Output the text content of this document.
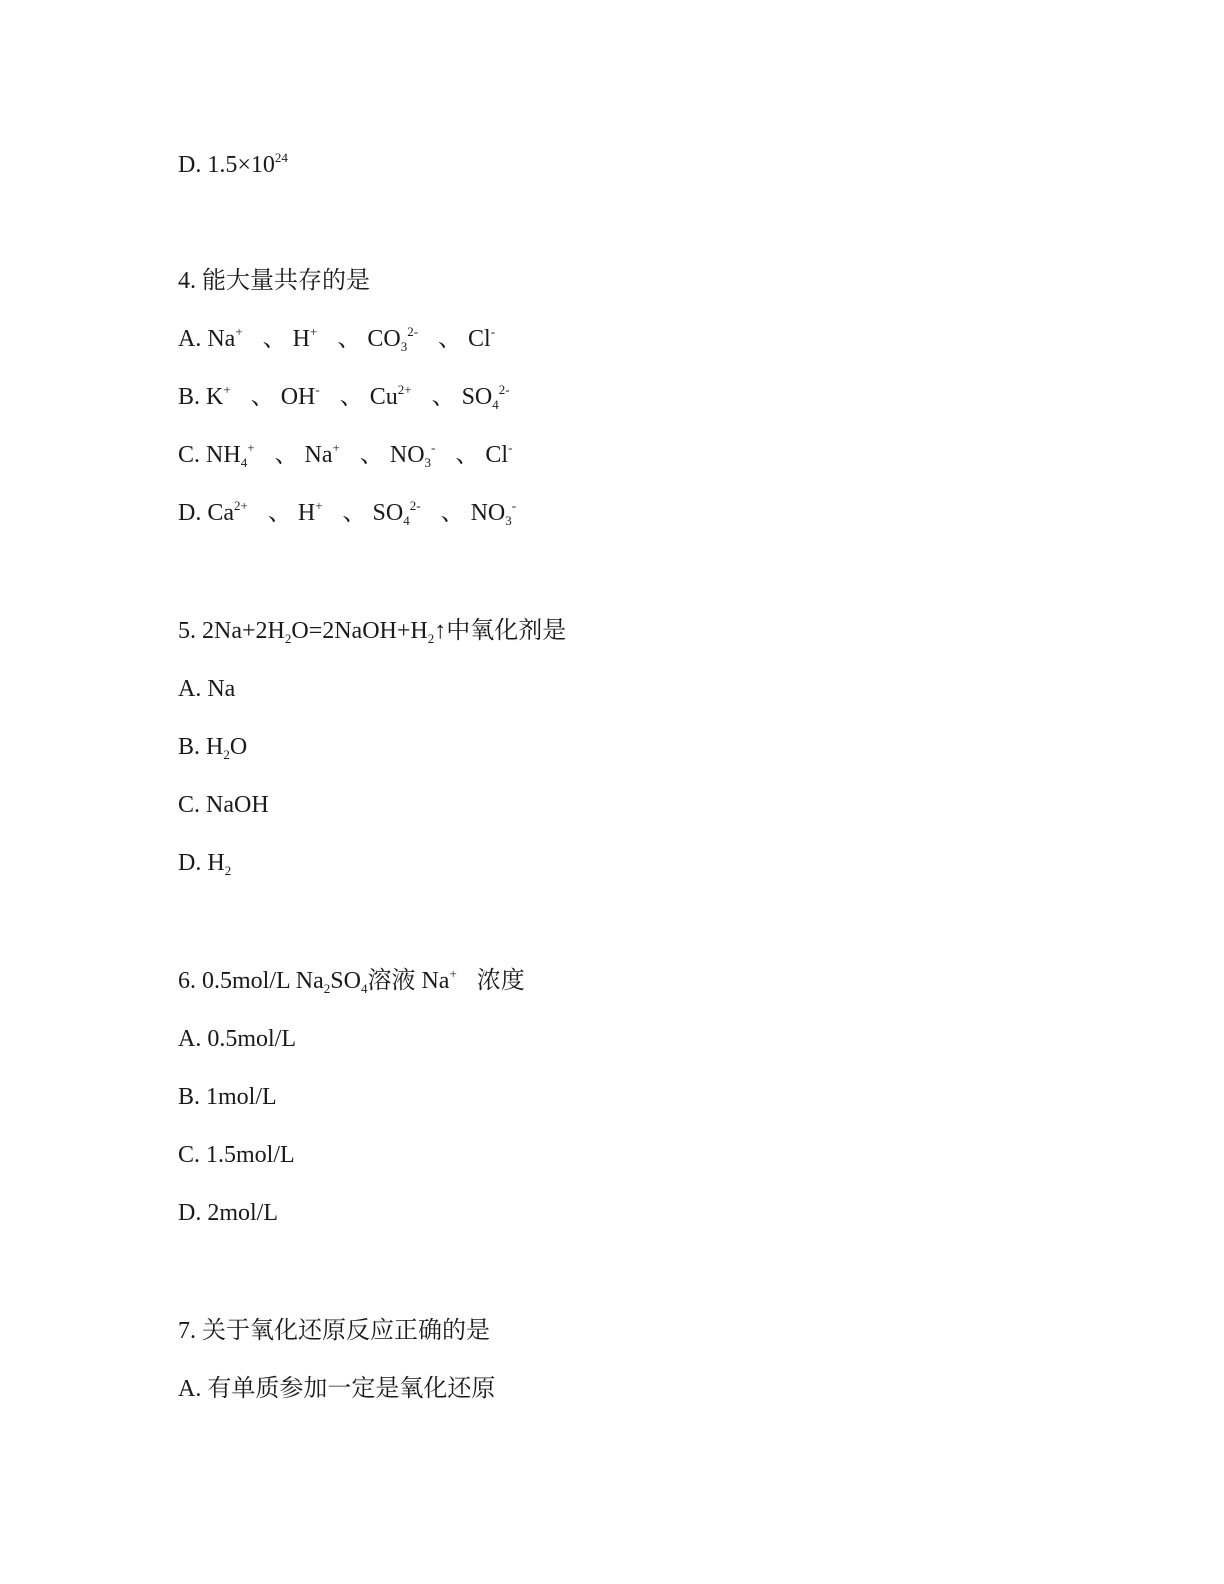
D. $1.5\times 10^{24}$
4. 能大量共存的是
A. Na+ 、 H+ 、 $CO_3^{2-}$ 、 Cl-
B. K+ 、 OH- 、 $Cu^{2+}$ 、 $SO_4^{2-}$
C. $NH_4^+$ 、 Na+ 、 $NO_3^-$ 、 Cl-
D. $Ca^{2+}$ 、 H+ 、 $SO_4^{2-}$ 、 $NO_3^-$
5. $2Na+2H_2O=2NaOH+H_2↑$中氧化剂是
A. Na
B. $H_2O$
C. NaOH
D. $H_2$
6. 0.5mol/L $Na_2SO_4$溶液 Na+ 浓度
A. 0.5mol/L
B. 1mol/L
C. 1.5mol/L
D. 2mol/L
7. 关于氧化还原反应正确的是
A. 有单质参加一定是氧化还原
